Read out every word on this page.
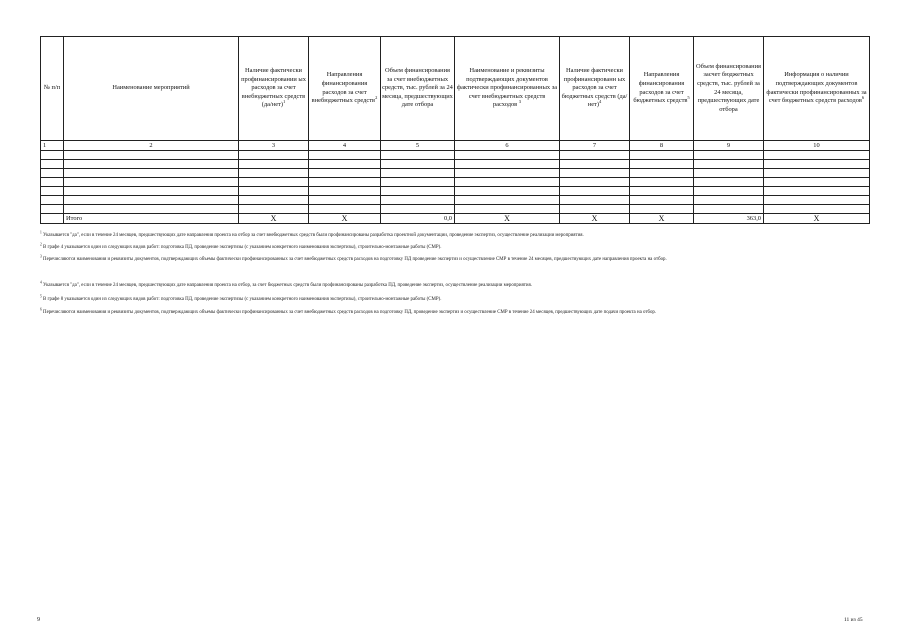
№ п/п	Наименование мероприятий	Наличие фактически профинансировании ых расходов за счет внебюджетных средств $(да/нет)^1$	Направления финансирования расходов за счет внебюджетных средств$^2$	Объем финансирования за счет внебюджетных средств, тыс. рублей за 24 месяца, предшествующих дате отбора	Наименование и реквизиты подтверждающих документов фактически профинансированных за счет внебюджетных средств расходов $^3$	Наличие фактически профинансированн ых расходов за счет бюджетных средств $(да/нет)^4$	Направления финансирования расходов за счет бюджетных средств$^5$	Объем финансирования засчет бюджетных средств, тыс. рублей за 24 месяца, предшествующих дате отбора	Информация о наличии подтверждающих документов фактически профинансированных за счет бюджетных средств расходов$^6$
1	2	3	4	5	6	7	8	9	10

	Итого	X	X	0,0	X	X	X	363,0	X

$^1$ Указывается "да", если в течение 24 месяцев, предшествующих дате направления проекта на отбор за счет внебюджетных средств были профинансированы разработка проектной документации, проведение экспертиз, осуществление реализации мероприятия.

$^2$ В графе 4 указывается один из следующих видов работ: подготовка ПД, проведение экспертизы (с указанием конкретного наименования экспертизы), строительно-монтажные работы (СМР).

$^3$ Перечисляются наименования и реквизиты документов, подтверждающих объемы фактически профинансированных за счет внебюджетных средств расходов на подготовку ПД проведение экспертиз и осуществление СМР в течение 24 месяцев, предшествующих дате направления проекта на отбор.

$^4$ Указывается "да", если в течение 24 месяцев, предшествующих дате направления проекта на отбор, за счет бюджетных средств были профинансированы разработка ПД, проведение экспертиз, осуществление реализации мероприятия.

$^5$ В графе 8 указывается один из следующих видов работ: подготовка ПД, проведение экспертизы (с указанием конкретного наименования экспертизы), строительно-монтажные работы (СМР).

$^6$ Перечисляются наименования и реквизиты документов, подтверждающих объемы фактически профинансированных за счет внебюджетных средств расходов на подготовку ПД, проведение экспертиз и осуществление СМР в течение 24 месяцев, предшествующих дате подачи проекта на отбор.

9	11 из 45
